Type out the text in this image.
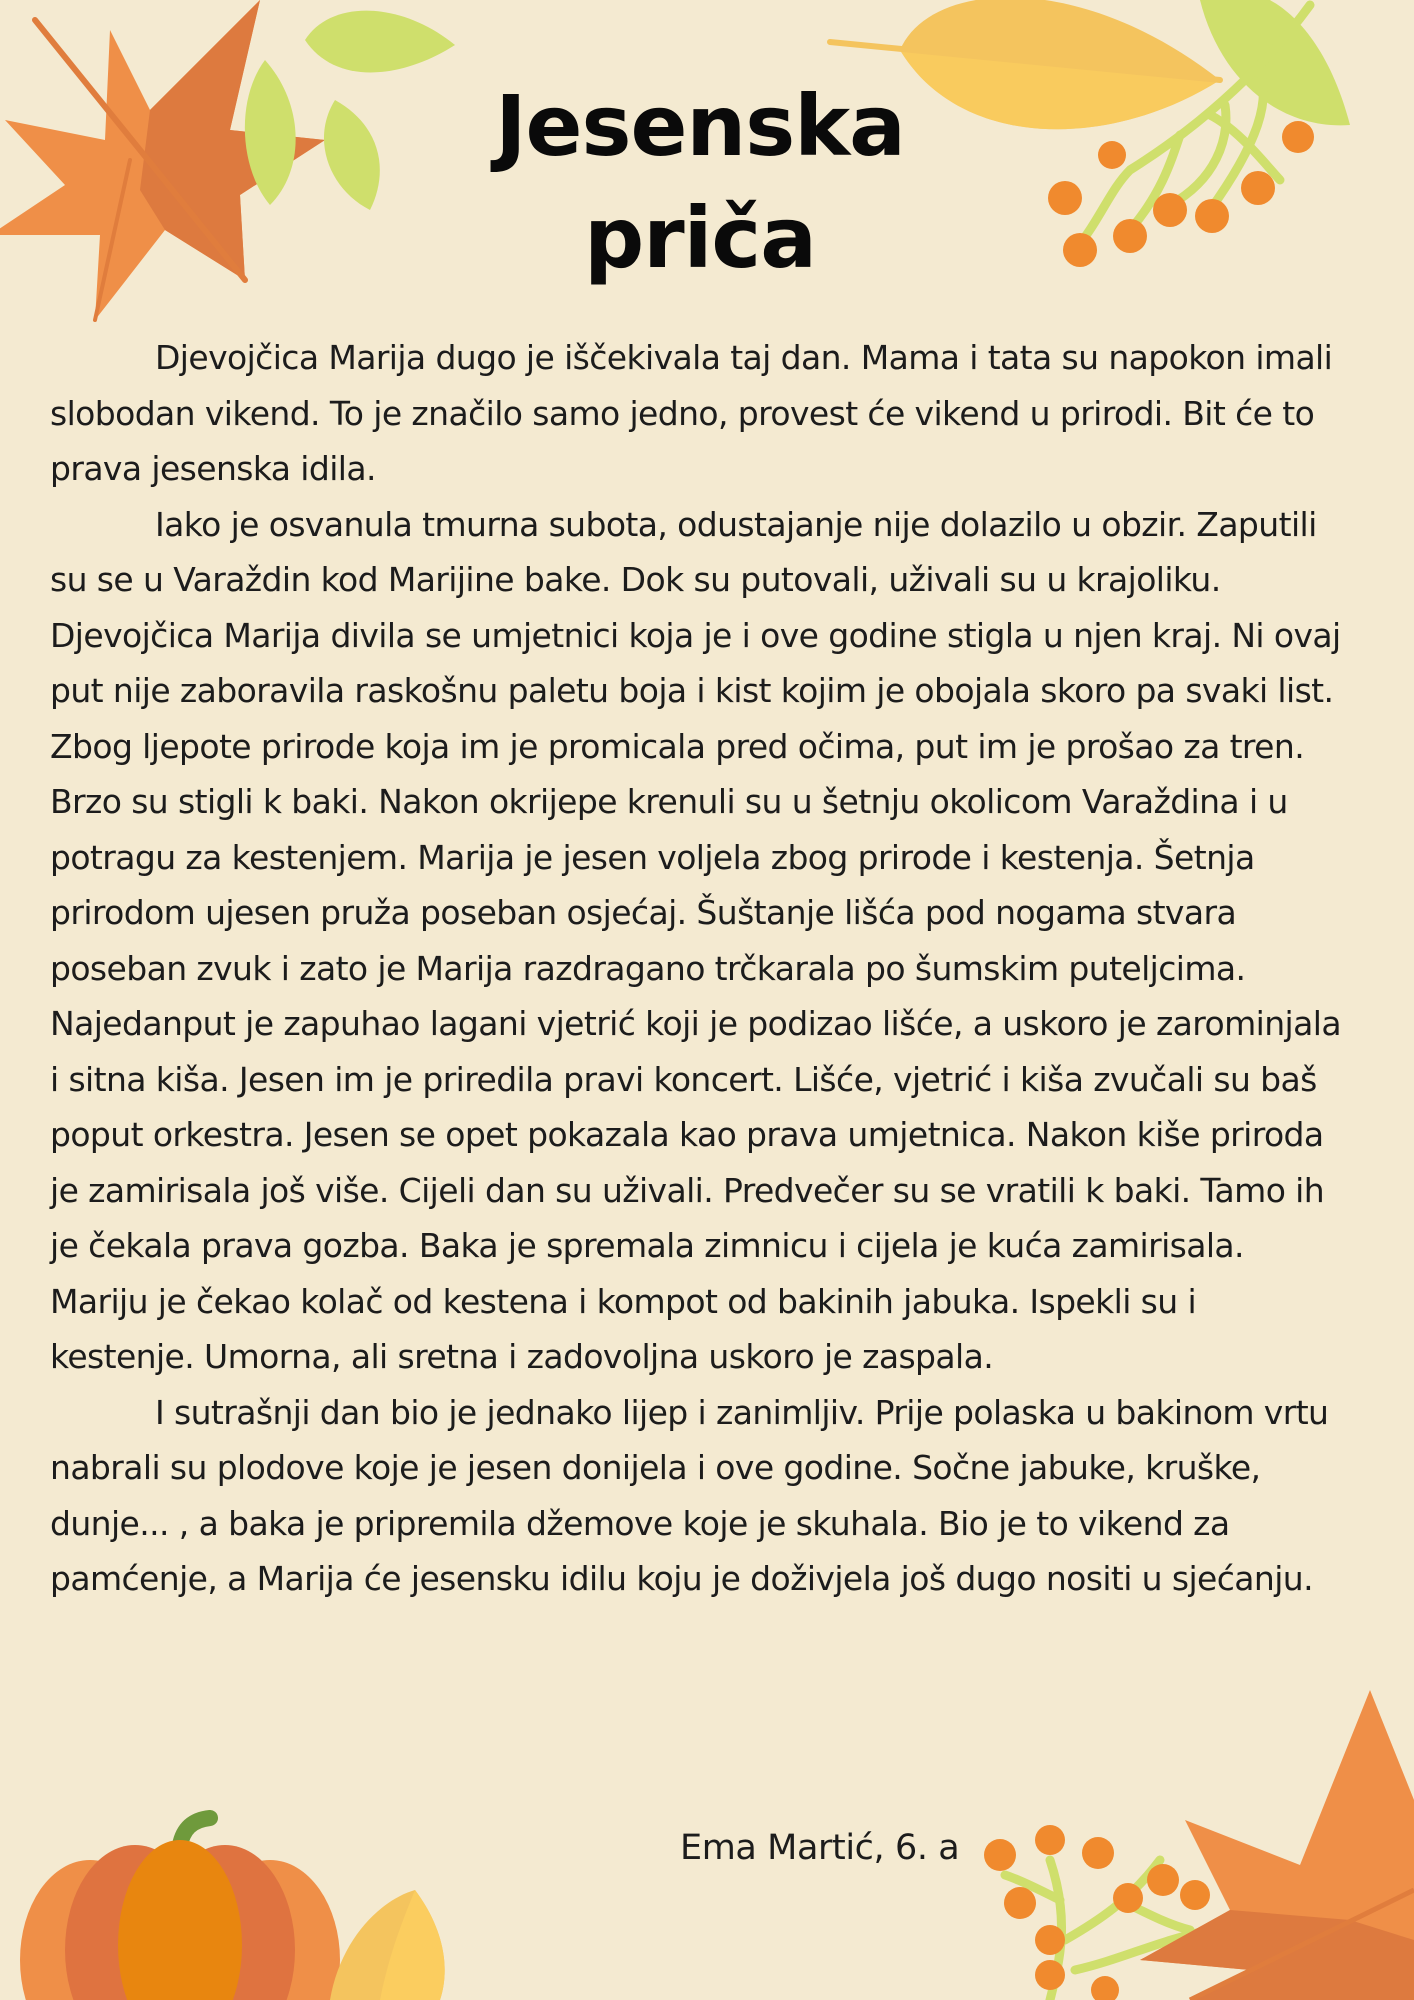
Jesenska
priča

Djevojčica Marija dugo je iščekivala taj dan. Mama i tata su napokon imali slobodan vikend. To je značilo samo jedno, provest će vikend u prirodi. Bit će to prava jesenska idila.

Iako je osvanula tmurna subota, odustajanje nije dolazilo u obzir. Zaputili su se u Varaždin kod Marijine bake. Dok su putovali, uživali su u krajoliku. Djevojčica Marija divila se umjetnici koja je i ove godine stigla u njen kraj. Ni ovaj put nije zaboravila raskošnu paletu boja i kist kojim je obojala skoro pa svaki list. Zbog ljepote prirode koja im je promicala pred očima, put im je prošao za tren. Brzo su stigli k baki. Nakon okrijepe krenuli su u šetnju okolicom Varaždina i u potragu za kestenjem. Marija je jesen voljela zbog prirode i kestenja. Šetnja prirodom ujesen pruža poseban osjećaj. Šuštanje lišća pod nogama stvara poseban zvuk i zato je Marija razdragano trčkarala po šumskim puteljcima. Najedanput je zapuhao lagani vjetrić koji je podizao lišće, a uskoro je zarominjala i sitna kiša. Jesen im je priredila pravi koncert. Lišće, vjetrić i kiša zvučali su baš poput orkestra. Jesen se opet pokazala kao prava umjetnica. Nakon kiše priroda je zamirisala još više. Cijeli dan su uživali. Predvečer su se vratili k baki. Tamo ih je čekala prava gozba. Baka je spremala zimnicu i cijela je kuća zamirisala. Mariju je čekao kolač od kestena i kompot od bakinih jabuka. Ispekli su i kestenje. Umorna, ali sretna i zadovoljna uskoro je zaspala.

I sutrašnji dan bio je jednako lijep i zanimljiv. Prije polaska u bakinom vrtu nabrali su plodove koje je jesen donijela i ove godine. Sočne jabuke, kruške, dunje... , a baka je pripremila džemove koje je skuhala. Bio je to vikend za pamćenje, a Marija će jesensku idilu koju je doživjela još dugo nositi u sjećanju.

Ema Martić, 6. a
